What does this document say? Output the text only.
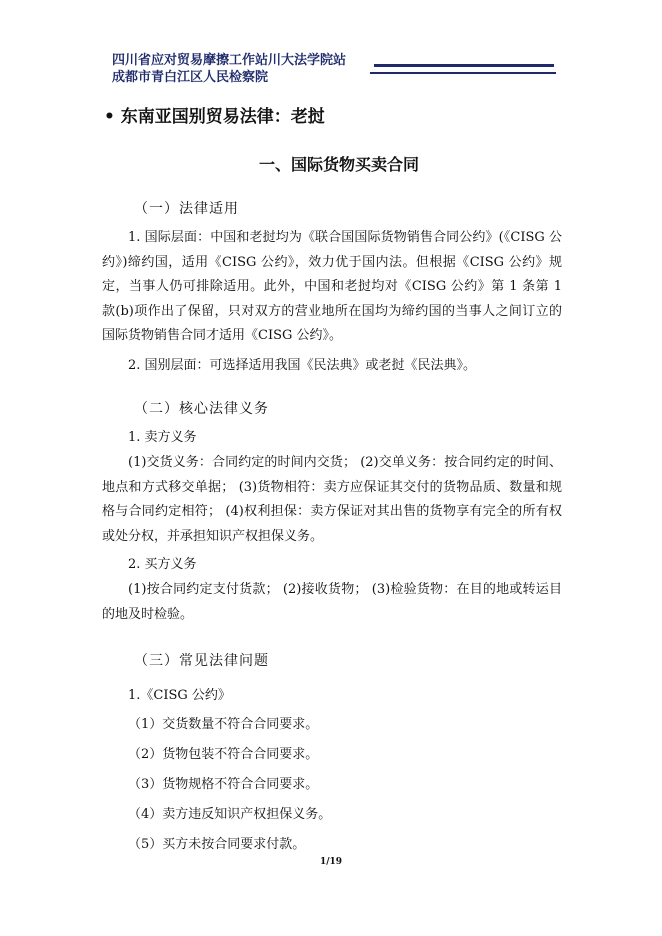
四川省应对贸易摩擦工作站川大法学院站
成都市青白江区人民检察院
• 东南亚国别贸易法律：老挝
一、国际货物买卖合同
（一）法律适用
1. 国际层面：中国和老挝均为《联合国国际货物销售合同公约》(《CISG 公约》)缔约国，适用《CISG 公约》，效力优于国内法。但根据《CISG 公约》规定，当事人仍可排除适用。此外，中国和老挝均对《CISG 公约》第 1 条第 1 款(b)项作出了保留，只对双方的营业地所在国均为缔约国的当事人之间订立的国际货物销售合同才适用《CISG 公约》。
2. 国别层面：可选择适用我国《民法典》或老挝《民法典》。
（二）核心法律义务
1. 卖方义务
(1)交货义务：合同约定的时间内交货； (2)交单义务：按合同约定的时间、地点和方式移交单据； (3)货物相符：卖方应保证其交付的货物品质、数量和规格与合同约定相符； (4)权利担保：卖方保证对其出售的货物享有完全的所有权或处分权，并承担知识产权担保义务。
2. 买方义务
(1)按合同约定支付货款； (2)接收货物； (3)检验货物：在目的地或转运目的地及时检验。
（三）常见法律问题
1.《CISG 公约》
（1）交货数量不符合合同要求。
（2）货物包装不符合合同要求。
（3）货物规格不符合合同要求。
（4）卖方违反知识产权担保义务。
（5）买方未按合同要求付款。
1/19
